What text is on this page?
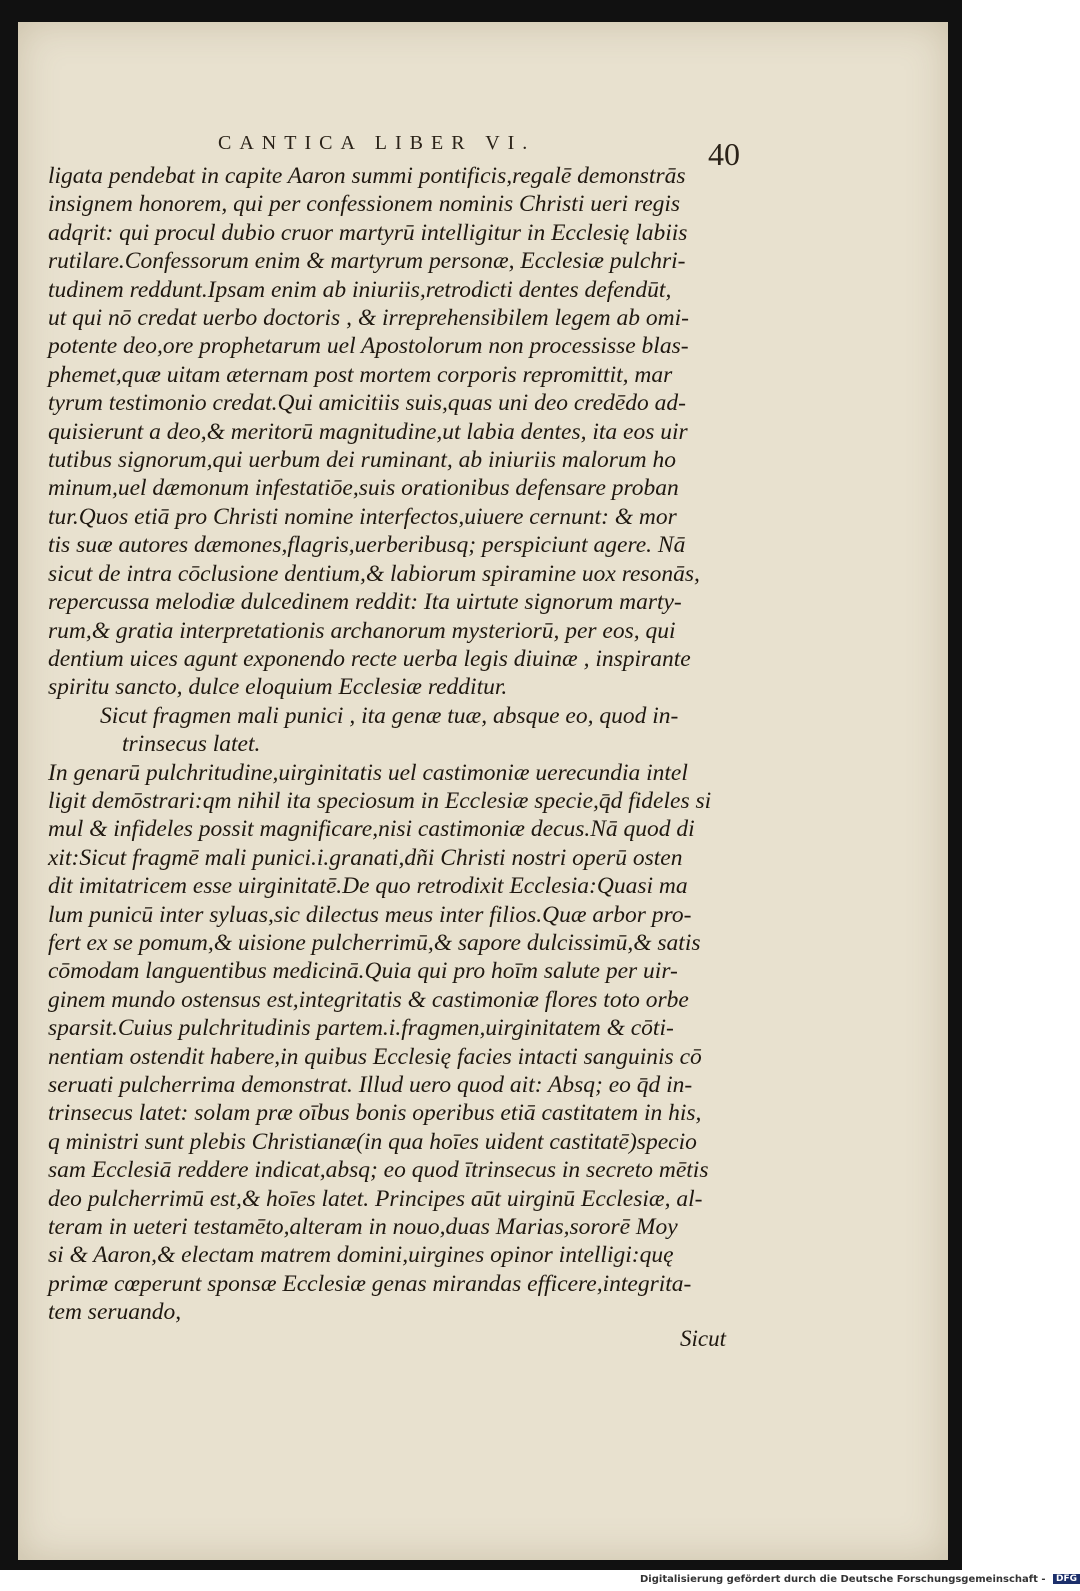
CANTICA LIBER VI.	40
ligata pendebat in capite Aaron summi pontificis,regalē demonstrās
insignem honorem, qui per confessionem nominis Christi ueri regis
adqrit: qui procul dubio cruor martyrū intelligitur in Ecclesię labiis
rutilare.Confessorum enim & martyrum personæ, Ecclesiæ pulchri-
tudinem reddunt.Ipsam enim ab iniuriis,retrodicti dentes defendūt,
ut qui nō credat uerbo doctoris , & irreprehensibilem legem ab omi-
potente deo,ore prophetarum uel Apostolorum non processisse blas-
phemet,quæ uitam æternam post mortem corporis repromittit, mar
tyrum testimonio credat.Qui amicitiis suis,quas uni deo credēdo ad-
quisierunt a deo,& meritorū magnitudine,ut labia dentes, ita eos uir
tutibus signorum,qui uerbum dei ruminant, ab iniuriis malorum ho
minum,uel dæmonum infestatiōe,suis orationibus defensare proban
tur.Quos etiā pro Christi nomine interfectos,uiuere cernunt: & mor
tis suæ autores dæmones,flagris,uerberibusq; perspiciunt agere. Nā
sicut de intra cōclusione dentium,& labiorum spiramine uox resonās,
repercussa melodiæ dulcedinem reddit: Ita uirtute signorum marty-
rum,& gratia interpretationis archanorum mysteriorū, per eos, qui
dentium uices agunt exponendo recte uerba legis diuinæ , inspirante
spiritu sancto, dulce eloquium Ecclesiæ redditur.
Sicut fragmen mali punici , ita genæ tuæ, absque eo, quod in-
trinsecus latet.
In genarū pulchritudine,uirginitatis uel castimoniæ uerecundia intel
ligit demōstrari:qm nihil ita speciosum in Ecclesiæ specie,q̄d fideles si
mul & infideles possit magnificare,nisi castimoniæ decus.Nā quod di
xit:Sicut fragmē mali punici.i.granati,dñi Christi nostri operū osten
dit imitatricem esse uirginitatē.De quo retrodixit Ecclesia:Quasi ma
lum punicū inter syluas,sic dilectus meus inter filios.Quæ arbor pro-
fert ex se pomum,& uisione pulcherrimū,& sapore dulcissimū,& satis
cōmodam languentibus medicinā.Quia qui pro hoīm salute per uir-
ginem mundo ostensus est,integritatis & castimoniæ flores toto orbe
sparsit.Cuius pulchritudinis partem.i.fragmen,uirginitatem & cōti-
nentiam ostendit habere,in quibus Ecclesię facies intacti sanguinis cō
seruati pulcherrima demonstrat. Illud uero quod ait: Absq; eo q̄d in-
trinsecus latet: solam præ oībus bonis operibus etiā castitatem in his,
q ministri sunt plebis Christianæ(in qua hoīes uident castitatē)specio
sam Ecclesiā reddere indicat,absq; eo quod ītrinsecus in secreto mētis
deo pulcherrimū est,& hoīes latet. Principes aūt uirginū Ecclesiæ, al-
teram in ueteri testamēto,alteram in nouo,duas Marias,sororē Moy
si & Aaron,& electam matrem domini,uirgines opinor intelligi:quę
primæ cœperunt sponsæ Ecclesiæ genas mirandas efficere,integrita-
tem seruando,
Sicut
Digitalisierung gefördert durch die Deutsche Forschungsgemeinschaft - DFG
